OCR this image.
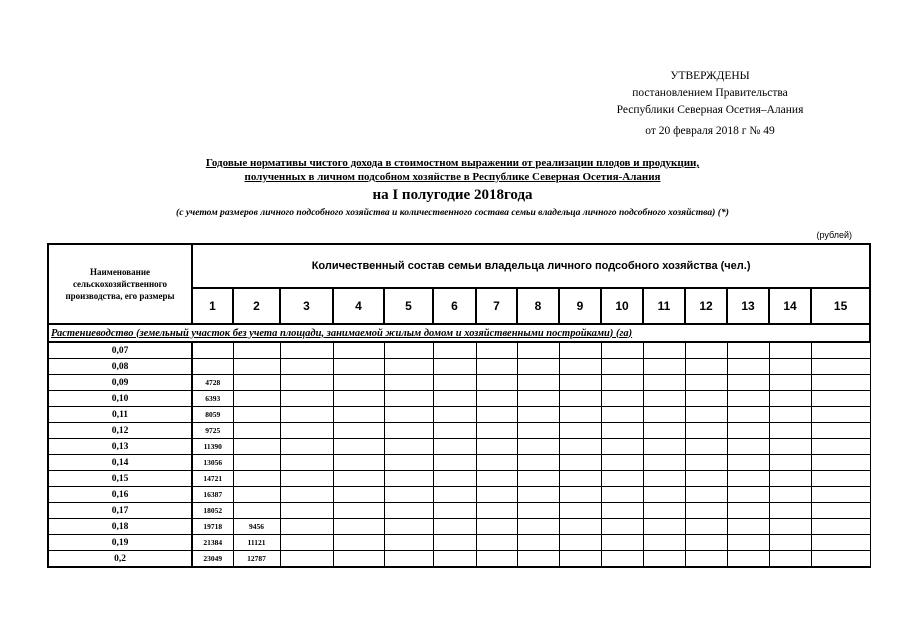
УТВЕРЖДЕНЫ
постановлением Правительства
Республики Северная Осетия–Алания
от 20 февраля 2018 г № 49
Годовые нормативы чистого дохода в стоимостном выражении от реализации плодов и продукции,
полученных в личном подсобном хозяйстве в Республике Северная Осетия-Алания
на I полугодие 2018года
(с учетом размеров личного подсобного хозяйства и количественного состава семьи владельца личного подсобного хозяйства) (*)
(рублей)
Наименование сельскохозяйственного производства, его размеры	Количественный состав семьи владельца личного подсобного хозяйства (чел.)														
	1	2	3	4	5	6	7	8	9	10	11	12	13	14	15
Растениеводство (земельный участок без учета площади, занимаемой жилым домом и хозяйственными постройками) (га)															
0,07															
0,08															
0,09	4728														
0,10	6393														
0,11	8059														
0,12	9725														
0,13	11390														
0,14	13056														
0,15	14721														
0,16	16387														
0,17	18052														
0,18	19718	9456													
0,19	21384	11121													
0,2	23049	12787													
